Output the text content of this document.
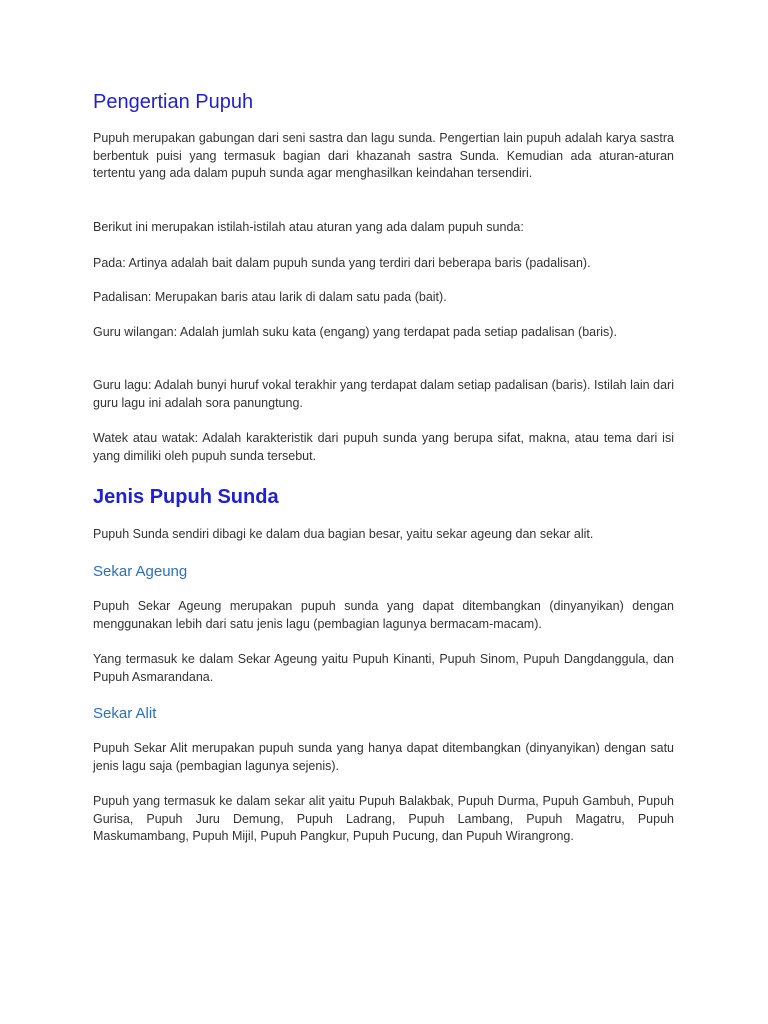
Pengertian Pupuh

Pupuh merupakan gabungan dari seni sastra dan lagu sunda. Pengertian lain pupuh adalah karya sastra berbentuk puisi yang termasuk bagian dari khazanah sastra Sunda. Kemudian ada aturan-aturan tertentu yang ada dalam pupuh sunda agar menghasilkan keindahan tersendiri.

Berikut ini merupakan istilah-istilah atau aturan yang ada dalam pupuh sunda:

Pada: Artinya adalah bait dalam pupuh sunda yang terdiri dari beberapa baris (padalisan).

Padalisan: Merupakan baris atau larik di dalam satu pada (bait).

Guru wilangan: Adalah jumlah suku kata (engang) yang terdapat pada setiap padalisan (baris).

Guru lagu: Adalah bunyi huruf vokal terakhir yang terdapat dalam setiap padalisan (baris). Istilah lain dari guru lagu ini adalah sora panungtung.

Watek atau watak: Adalah karakteristik dari pupuh sunda yang berupa sifat, makna, atau tema dari isi yang dimiliki oleh pupuh sunda tersebut.

Jenis Pupuh Sunda

Pupuh Sunda sendiri dibagi ke dalam dua bagian besar, yaitu sekar ageung dan sekar alit.

Sekar Ageung

Pupuh Sekar Ageung merupakan pupuh sunda yang dapat ditembangkan (dinyanyikan) dengan menggunakan lebih dari satu jenis lagu (pembagian lagunya bermacam-macam).

Yang termasuk ke dalam Sekar Ageung yaitu Pupuh Kinanti, Pupuh Sinom, Pupuh Dangdanggula, dan Pupuh Asmarandana.

Sekar Alit

Pupuh Sekar Alit merupakan pupuh sunda yang hanya dapat ditembangkan (dinyanyikan) dengan satu jenis lagu saja (pembagian lagunya sejenis).

Pupuh yang termasuk ke dalam sekar alit yaitu Pupuh Balakbak, Pupuh Durma, Pupuh Gambuh, Pupuh Gurisa, Pupuh Juru Demung, Pupuh Ladrang, Pupuh Lambang, Pupuh Magatru, Pupuh Maskumambang, Pupuh Mijil, Pupuh Pangkur, Pupuh Pucung, dan Pupuh Wirangrong.
